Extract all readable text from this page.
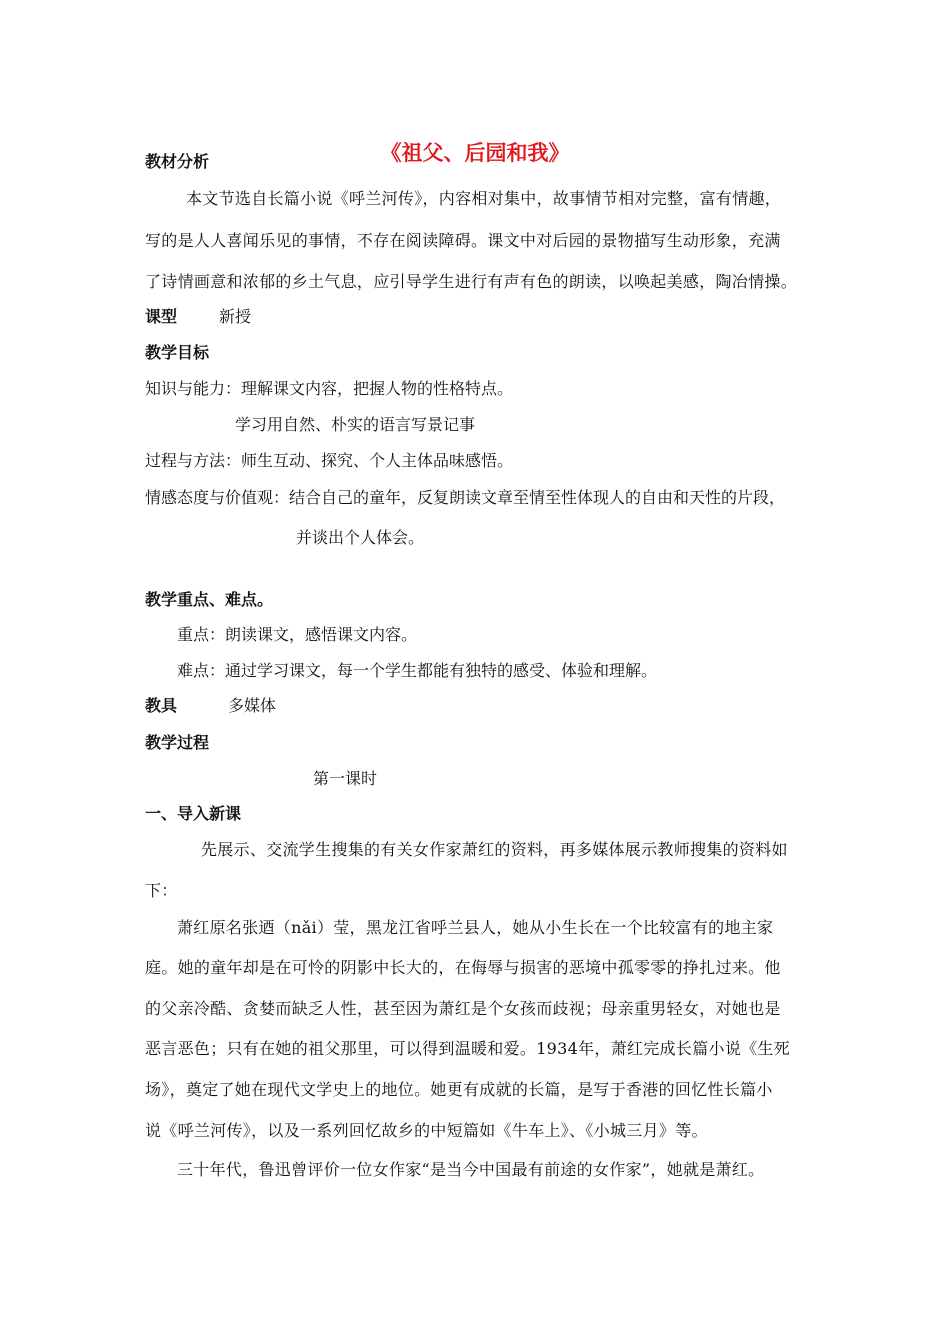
《祖父、后园和我》

教材分析

本文节选自长篇小说《呼兰河传》，内容相对集中，故事情节相对完整，富有情趣，

写的是人人喜闻乐见的事情，不存在阅读障碍。课文中对后园的景物描写生动形象，充满

了诗情画意和浓郁的乡土气息，应引导学生进行有声有色的朗读，以唤起美感，陶冶情操。

课型	新授

教学目标

知识与能力：理解课文内容，把握人物的性格特点。

学习用自然、朴实的语言写景记事

过程与方法：师生互动、探究、个人主体品味感悟。

情感态度与价值观：结合自己的童年，反复朗读文章至情至性体现人的自由和天性的片段，

并谈出个人体会。

教学重点、难点。

重点：朗读课文，感悟课文内容。

难点：通过学习课文，每一个学生都能有独特的感受、体验和理解。

教具	多媒体

教学过程

第一课时

一、导入新课

先展示、交流学生搜集的有关女作家萧红的资料，再多媒体展示教师搜集的资料如

下：

萧红原名张迺（nǎi）莹，黑龙江省呼兰县人，她从小生长在一个比较富有的地主家

庭。她的童年却是在可怜的阴影中长大的，在侮辱与损害的恶境中孤零零的挣扎过来。他

的父亲冷酷、贪婪而缺乏人性，甚至因为萧红是个女孩而歧视；母亲重男轻女，对她也是

恶言恶色；只有在她的祖父那里，可以得到温暖和爱。1934年，萧红完成长篇小说《生死

场》，奠定了她在现代文学史上的地位。她更有成就的长篇，是写于香港的回忆性长篇小

说《呼兰河传》，以及一系列回忆故乡的中短篇如《牛车上》、《小城三月》等。

三十年代，鲁迅曾评价一位女作家“是当今中国最有前途的女作家”，她就是萧红。
